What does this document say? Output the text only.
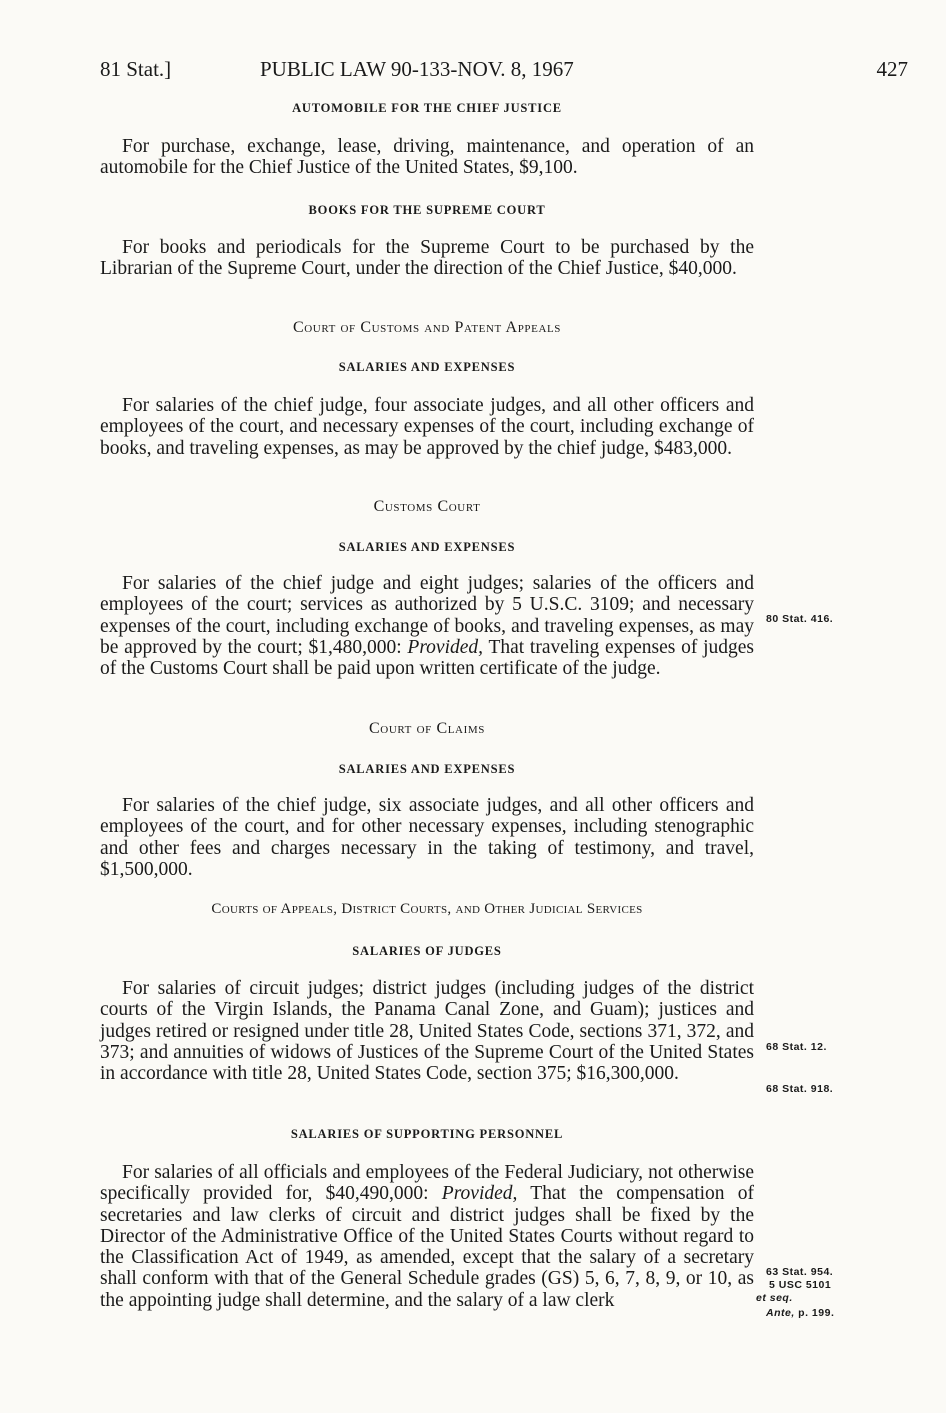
81 Stat.]	PUBLIC LAW 90-133-NOV. 8, 1967	427
AUTOMOBILE FOR THE CHIEF JUSTICE

For purchase, exchange, lease, driving, maintenance, and operation of an automobile for the Chief Justice of the United States, $9,100.

BOOKS FOR THE SUPREME COURT

For books and periodicals for the Supreme Court to be purchased by the Librarian of the Supreme Court, under the direction of the Chief Justice, $40,000.

Court of Customs and Patent Appeals
SALARIES AND EXPENSES

For salaries of the chief judge, four associate judges, and all other officers and employees of the court, and necessary expenses of the court, including exchange of books, and traveling expenses, as may be approved by the chief judge, $483,000.

Customs Court
SALARIES AND EXPENSES

For salaries of the chief judge and eight judges; salaries of the officers and employees of the court; services as authorized by 5 U.S.C. 3109; and necessary expenses of the court, including exchange of books, and traveling expenses, as may be approved by the court; $1,480,000: Provided, That traveling expenses of judges of the Customs Court shall be paid upon written certificate of the judge.

80 Stat. 416.
Court of Claims
SALARIES AND EXPENSES

For salaries of the chief judge, six associate judges, and all other officers and employees of the court, and for other necessary expenses, including stenographic and other fees and charges necessary in the taking of testimony, and travel, $1,500,000.

Courts of Appeals, District Courts, and Other Judicial Services
SALARIES OF JUDGES

For salaries of circuit judges; district judges (including judges of the district courts of the Virgin Islands, the Panama Canal Zone, and Guam); justices and judges retired or resigned under title 28, United States Code, sections 371, 372, and 373; and annuities of widows of Justices of the Supreme Court of the United States in accordance with title 28, United States Code, section 375; $16,300,000.

68 Stat. 12.
68 Stat. 918.
SALARIES OF SUPPORTING PERSONNEL

For salaries of all officials and employees of the Federal Judiciary, not otherwise specifically provided for, $40,490,000: Provided, That the compensation of secretaries and law clerks of circuit and district judges shall be fixed by the Director of the Administrative Office of the United States Courts without regard to the Classification Act of 1949, as amended, except that the salary of a secretary shall conform with that of the General Schedule grades (GS) 5, 6, 7, 8, 9, or 10, as the appointing judge shall determine, and the salary of a law clerk

63 Stat. 954.
5 USC 5101
et seq.
Ante, p. 199.
